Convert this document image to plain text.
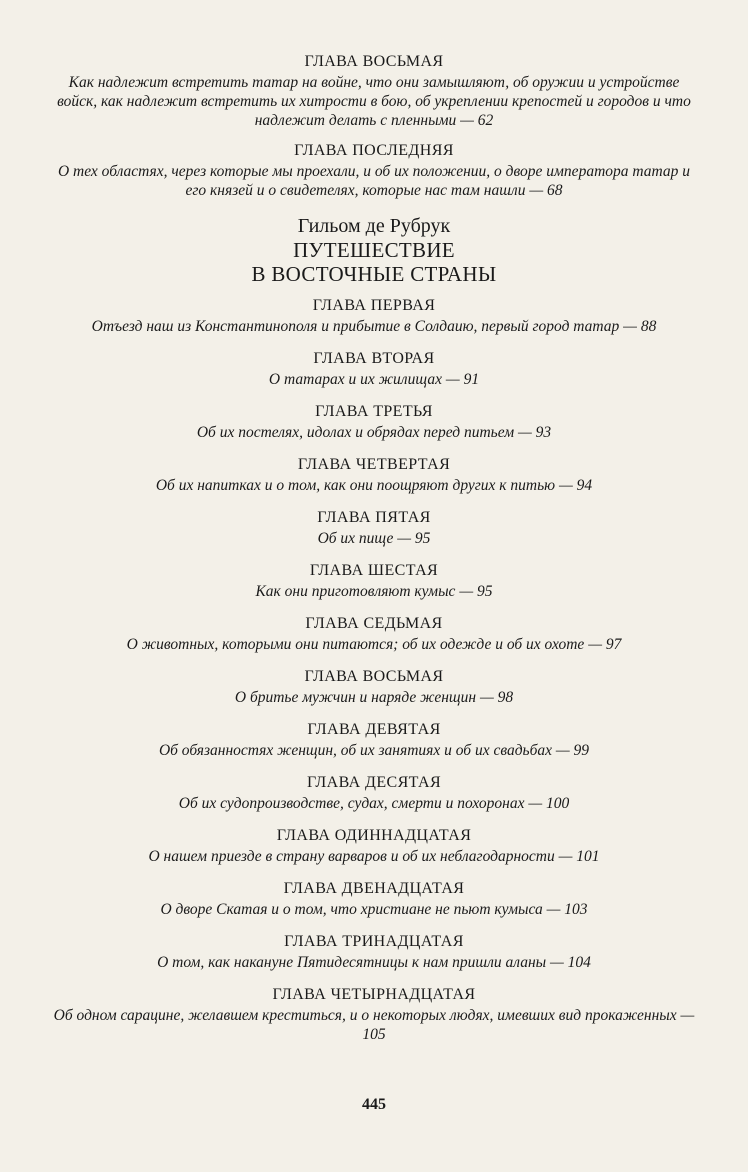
ГЛАВА ВОСЬМАЯ
Как надлежит встретить татар на войне, что они замышляют, об оружии и устройстве войск, как надлежит встретить их хитрости в бою, об укреплении крепостей и городов и что надлежит делать с пленными — 62
ГЛАВА ПОСЛЕДНЯЯ
О тех областях, через которые мы проехали, и об их положении, о дворе императора татар и его князей и о свидетелях, которые нас там нашли — 68
Гильом де Рубрук
ПУТЕШЕСТВИЕ
В ВОСТОЧНЫЕ СТРАНЫ
ГЛАВА ПЕРВАЯ
Отъезд наш из Константинополя и прибытие в Солдаию, первый город татар — 88
ГЛАВА ВТОРАЯ
О татарах и их жилищах — 91
ГЛАВА ТРЕТЬЯ
Об их постелях, идолах и обрядах перед питьем — 93
ГЛАВА ЧЕТВЕРТАЯ
Об их напитках и о том, как они поощряют других к питью — 94
ГЛАВА ПЯТАЯ
Об их пище — 95
ГЛАВА ШЕСТАЯ
Как они приготовляют кумыс — 95
ГЛАВА СЕДЬМАЯ
О животных, которыми они питаются; об их одежде и об их охоте — 97
ГЛАВА ВОСЬМАЯ
О бритье мужчин и наряде женщин — 98
ГЛАВА ДЕВЯТАЯ
Об обязанностях женщин, об их занятиях и об их свадьбах — 99
ГЛАВА ДЕСЯТАЯ
Об их судопроизводстве, судах, смерти и похоронах — 100
ГЛАВА ОДИННАДЦАТАЯ
О нашем приезде в страну варваров и об их неблагодарности — 101
ГЛАВА ДВЕНАДЦАТАЯ
О дворе Скатая и о том, что христиане не пьют кумыса — 103
ГЛАВА ТРИНАДЦАТАЯ
О том, как накануне Пятидесятницы к нам пришли аланы — 104
ГЛАВА ЧЕТЫРНАДЦАТАЯ
Об одном сарацине, желавшем креститься, и о некоторых людях, имевших вид прокаженных — 105
445
